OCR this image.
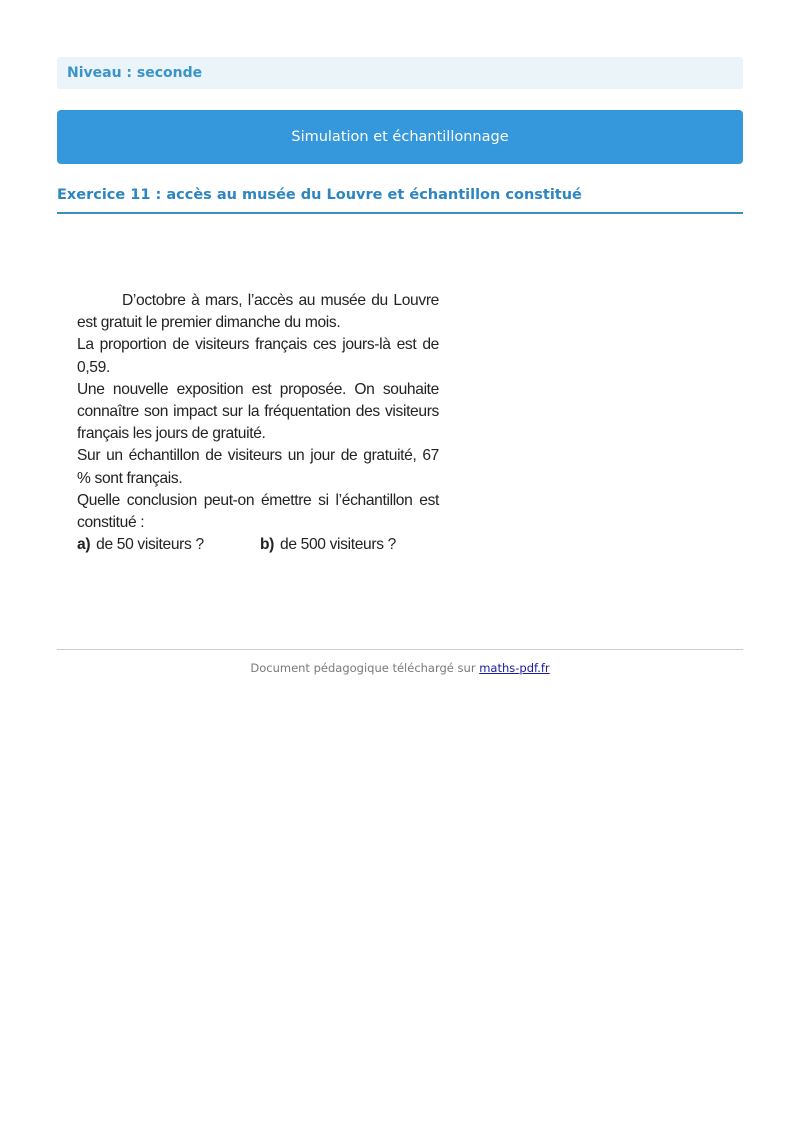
Niveau : seconde
Simulation et échantillonnage
Exercice 11 : accès au musée du Louvre et échantillon constitué

D’octobre à mars, l’accès au musée du Louvre est gratuit le premier dimanche du mois.

La proportion de visiteurs français ces jours-là est de 0,59.

Une nouvelle exposition est proposée. On souhaite connaître son impact sur la fréquentation des visiteurs français les jours de gratuité.

Sur un échantillon de visiteurs un jour de gratuité, 67 % sont français.

Quelle conclusion peut-on émettre si l’échantillon est constitué :

a) de 50 visiteurs ?	b) de 500 visiteurs ?
Document pédagogique téléchargé sur maths-pdf.fr
